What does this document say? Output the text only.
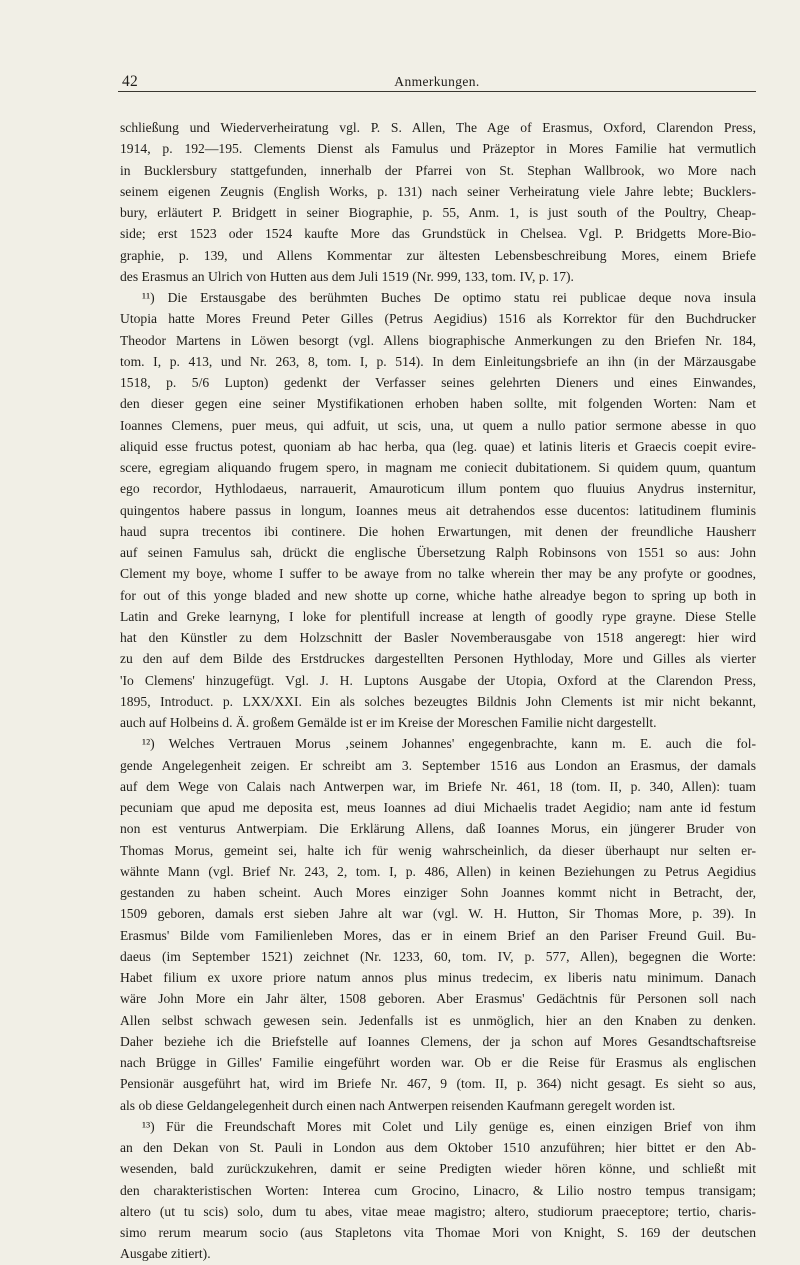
42	Anmerkungen.
schließung und Wiederverheiratung vgl. P. S. Allen, The Age of Erasmus, Oxford, Clarendon Press,
1914, p. 192—195. Clements Dienst als Famulus und Präzeptor in Mores Familie hat vermutlich
in Bucklersbury stattgefunden, innerhalb der Pfarrei von St. Stephan Wallbrook, wo More nach
seinem eigenen Zeugnis (English Works, p. 131) nach seiner Verheiratung viele Jahre lebte; Bucklers-
bury, erläutert P. Bridgett in seiner Biographie, p. 55, Anm. 1, is just south of the Poultry, Cheap-
side; erst 1523 oder 1524 kaufte More das Grundstück in Chelsea. Vgl. P. Bridgetts More-Bio-
graphie, p. 139, und Allens Kommentar zur ältesten Lebensbeschreibung Mores, einem Briefe
des Erasmus an Ulrich von Hutten aus dem Juli 1519 (Nr. 999, 133, tom. IV, p. 17).
¹¹) Die Erstausgabe des berühmten Buches De optimo statu rei publicae deque nova insula
Utopia hatte Mores Freund Peter Gilles (Petrus Aegidius) 1516 als Korrektor für den Buchdrucker
Theodor Martens in Löwen besorgt (vgl. Allens biographische Anmerkungen zu den Briefen Nr. 184,
tom. I, p. 413, und Nr. 263, 8, tom. I, p. 514). In dem Einleitungsbriefe an ihn (in der Märzausgabe
1518, p. 5/6 Lupton) gedenkt der Verfasser seines gelehrten Dieners und eines Einwandes,
den dieser gegen eine seiner Mystifikationen erhoben haben sollte, mit folgenden Worten: Nam et
Ioannes Clemens, puer meus, qui adfuit, ut scis, una, ut quem a nullo patior sermone abesse in quo
aliquid esse fructus potest, quoniam ab hac herba, qua (leg. quae) et latinis literis et Graecis coepit evire-
scere, egregiam aliquando frugem spero, in magnam me coniecit dubitationem. Si quidem quum, quantum
ego recordor, Hythlodaeus, narrauerit, Amauroticum illum pontem quo fluuius Anydrus insternitur,
quingentos habere passus in longum, Ioannes meus ait detrahendos esse ducentos: latitudinem fluminis
haud supra trecentos ibi continere. Die hohen Erwartungen, mit denen der freundliche Hausherr
auf seinen Famulus sah, drückt die englische Übersetzung Ralph Robinsons von 1551 so aus: John
Clement my boye, whome I suffer to be awaye from no talke wherein ther may be any profyte or goodnes,
for out of this yonge bladed and new shotte up corne, whiche hathe alreadye begon to spring up both in
Latin and Greke learnyng, I loke for plentifull increase at length of goodly rype grayne. Diese Stelle
hat den Künstler zu dem Holzschnitt der Basler Novemberausgabe von 1518 angeregt: hier wird
zu den auf dem Bilde des Erstdruckes dargestellten Personen Hythloday, More und Gilles als vierter
'Io Clemens' hinzugefügt. Vgl. J. H. Luptons Ausgabe der Utopia, Oxford at the Clarendon Press,
1895, Introduct. p. LXX/XXI. Ein als solches bezeugtes Bildnis John Clements ist mir nicht bekannt,
auch auf Holbeins d. Ä. großem Gemälde ist er im Kreise der Moreschen Familie nicht dargestellt.
¹²) Welches Vertrauen Morus ‚seinem Johannes' engegenbrachte, kann m. E. auch die fol-
gende Angelegenheit zeigen. Er schreibt am 3. September 1516 aus London an Erasmus, der damals
auf dem Wege von Calais nach Antwerpen war, im Briefe Nr. 461, 18 (tom. II, p. 340, Allen): tuam
pecuniam que apud me deposita est, meus Ioannes ad diui Michaelis tradet Aegidio; nam ante id festum
non est venturus Antwerpiam. Die Erklärung Allens, daß Ioannes Morus, ein jüngerer Bruder von
Thomas Morus, gemeint sei, halte ich für wenig wahrscheinlich, da dieser überhaupt nur selten er-
wähnte Mann (vgl. Brief Nr. 243, 2, tom. I, p. 486, Allen) in keinen Beziehungen zu Petrus Aegidius
gestanden zu haben scheint. Auch Mores einziger Sohn Joannes kommt nicht in Betracht, der,
1509 geboren, damals erst sieben Jahre alt war (vgl. W. H. Hutton, Sir Thomas More, p. 39). In
Erasmus' Bilde vom Familienleben Mores, das er in einem Brief an den Pariser Freund Guil. Bu-
daeus (im September 1521) zeichnet (Nr. 1233, 60, tom. IV, p. 577, Allen), begegnen die Worte:
Habet filium ex uxore priore natum annos plus minus tredecim, ex liberis natu minimum. Danach
wäre John More ein Jahr älter, 1508 geboren. Aber Erasmus' Gedächtnis für Personen soll nach
Allen selbst schwach gewesen sein. Jedenfalls ist es unmöglich, hier an den Knaben zu denken.
Daher beziehe ich die Briefstelle auf Ioannes Clemens, der ja schon auf Mores Gesandtschaftsreise
nach Brügge in Gilles' Familie eingeführt worden war. Ob er die Reise für Erasmus als englischen
Pensionär ausgeführt hat, wird im Briefe Nr. 467, 9 (tom. II, p. 364) nicht gesagt. Es sieht so aus,
als ob diese Geldangelegenheit durch einen nach Antwerpen reisenden Kaufmann geregelt worden ist.
¹³) Für die Freundschaft Mores mit Colet und Lily genüge es, einen einzigen Brief von ihm
an den Dekan von St. Pauli in London aus dem Oktober 1510 anzuführen; hier bittet er den Ab-
wesenden, bald zurückzukehren, damit er seine Predigten wieder hören könne, und schließt mit
den charakteristischen Worten: Interea cum Grocino, Linacro, & Lilio nostro tempus transigam;
altero (ut tu scis) solo, dum tu abes, vitae meae magistro; altero, studiorum praeceptore; tertio, charis-
simo rerum mearum socio (aus Stapletons vita Thomae Mori von Knight, S. 169 der deutschen
Ausgabe zitiert).
